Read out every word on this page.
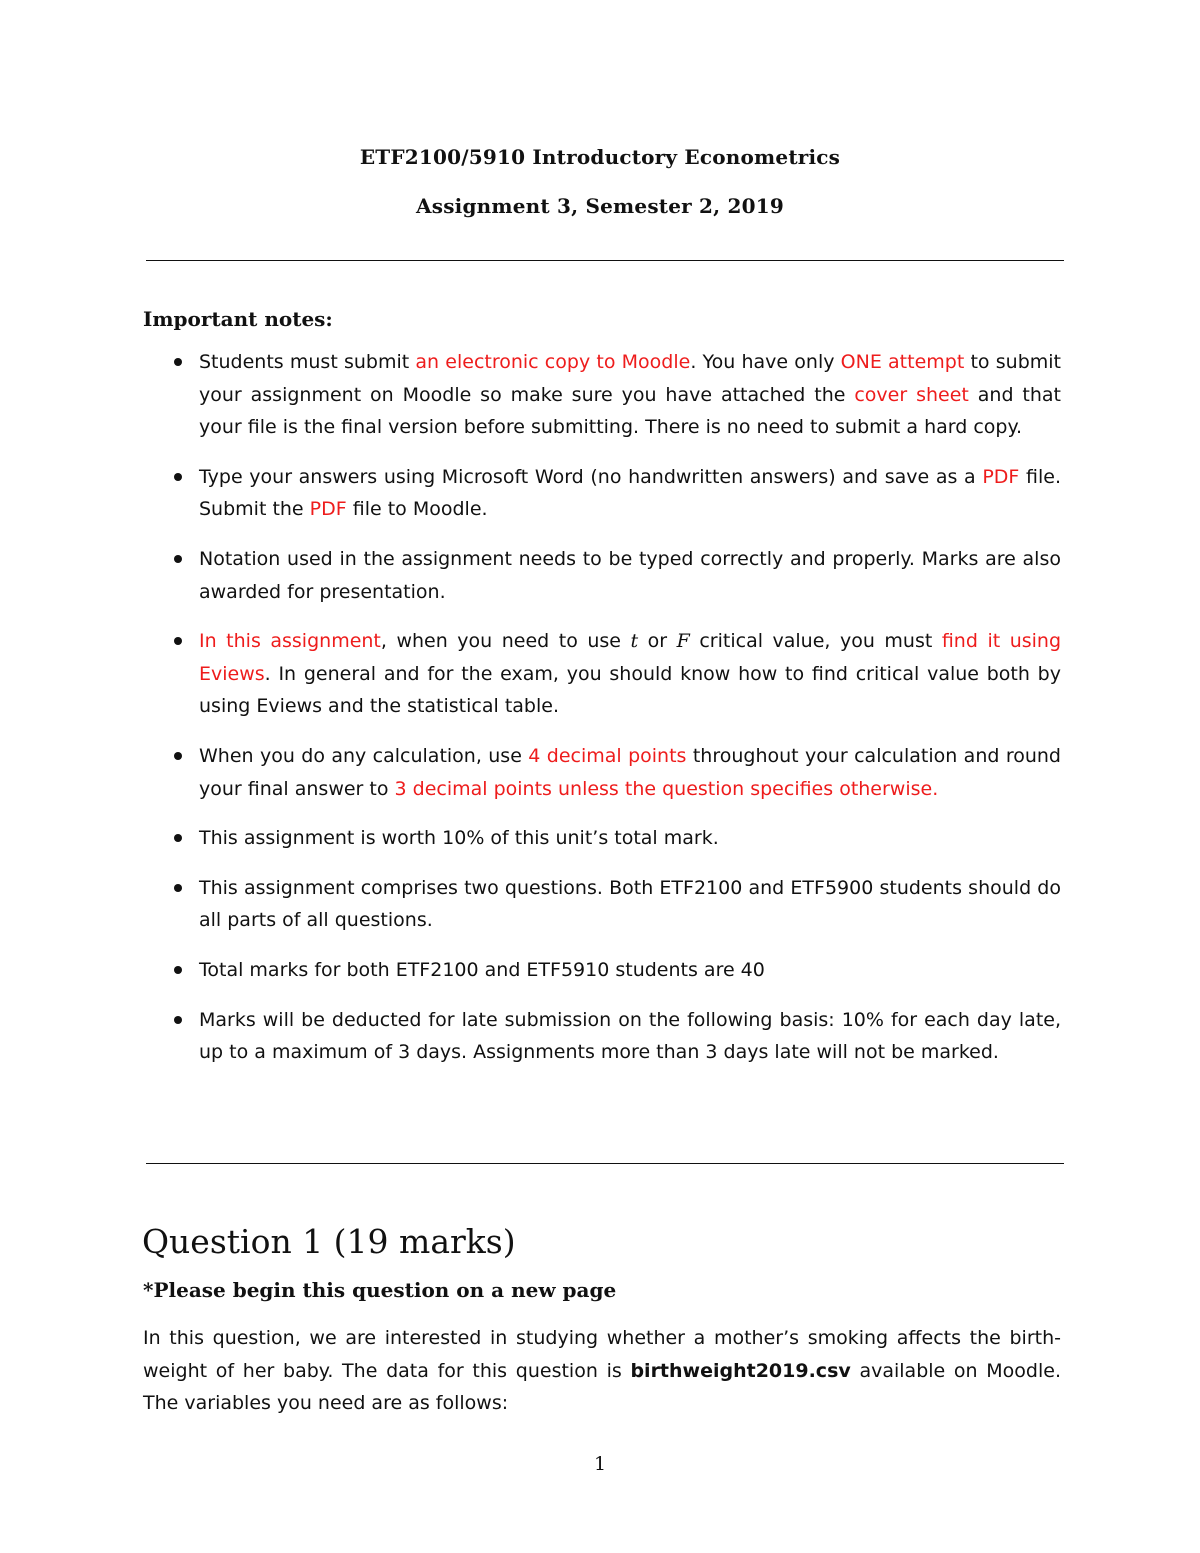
ETF2100/5910 Introductory Econometrics
Assignment 3, Semester 2, 2019
Important notes:
Students must submit an electronic copy to Moodle. You have only ONE attempt to submit your assignment on Moodle so make sure you have attached the cover sheet and that your file is the final version before submitting. There is no need to submit a hard copy.
Type your answers using Microsoft Word (no handwritten answers) and save as a PDF file. Submit the PDF file to Moodle.
Notation used in the assignment needs to be typed correctly and properly. Marks are also awarded for presentation.
In this assignment, when you need to use t or F critical value, you must find it using Eviews. In general and for the exam, you should know how to find critical value both by using Eviews and the statistical table.
When you do any calculation, use 4 decimal points throughout your calculation and round your final answer to 3 decimal points unless the question specifies otherwise.
This assignment is worth 10% of this unit’s total mark.
This assignment comprises two questions. Both ETF2100 and ETF5900 students should do all parts of all questions.
Total marks for both ETF2100 and ETF5910 students are 40
Marks will be deducted for late submission on the following basis: 10% for each day late, up to a maximum of 3 days. Assignments more than 3 days late will not be marked.
Question 1 (19 marks)
*Please begin this question on a new page

In this question, we are interested in studying whether a mother’s smoking affects the birth-weight of her baby. The data for this question is birthweight2019.csv available on Moodle. The variables you need are as follows:

1
